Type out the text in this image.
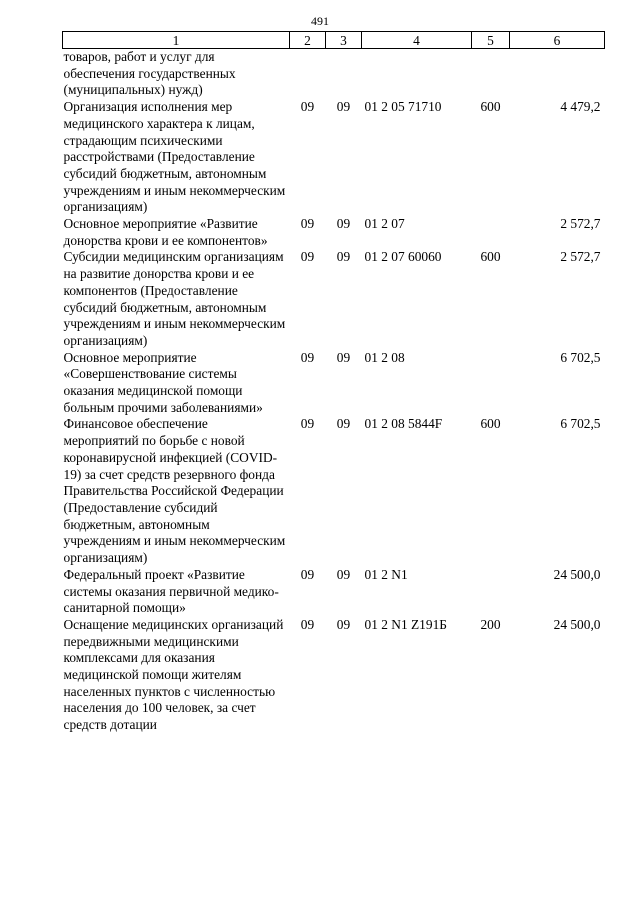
491
1	2	3	4	5	6
товаров, работ и услуг для обеспечения государственных (муниципальных) нужд)					
Организация исполнения мер медицинского характера к лицам, страдающим психическими расстройствами (Предоставление субсидий бюджетным, автономным учреждениям и иным некоммерческим организациям)	09	09	01 2 05 71710	600	4 479,2
Основное мероприятие «Развитие донорства крови и ее компонентов»	09	09	01 2 07		2 572,7
Субсидии медицинским организациям на развитие донорства крови и ее компонентов (Предоставление субсидий бюджетным, автономным учреждениям и иным некоммерческим организациям)	09	09	01 2 07 60060	600	2 572,7
Основное мероприятие «Совершенствование системы оказания медицинской помощи больным прочими заболеваниями»	09	09	01 2 08		6 702,5
Финансовое обеспечение мероприятий по борьбе с новой коронавирусной инфекцией (COVID-19) за счет средств резервного фонда Правительства Российской Федерации (Предоставление субсидий бюджетным, автономным учреждениям и иным некоммерческим организациям)	09	09	01 2 08 5844F	600	6 702,5
Федеральный проект «Развитие системы оказания первичной медико-санитарной помощи»	09	09	01 2 N1		24 500,0
Оснащение медицинских организаций передвижными медицинскими комплексами для оказания медицинской помощи жителям населенных пунктов с численностью населения до 100 человек, за счет средств дотации	09	09	01 2 N1 Z191Б	200	24 500,0
